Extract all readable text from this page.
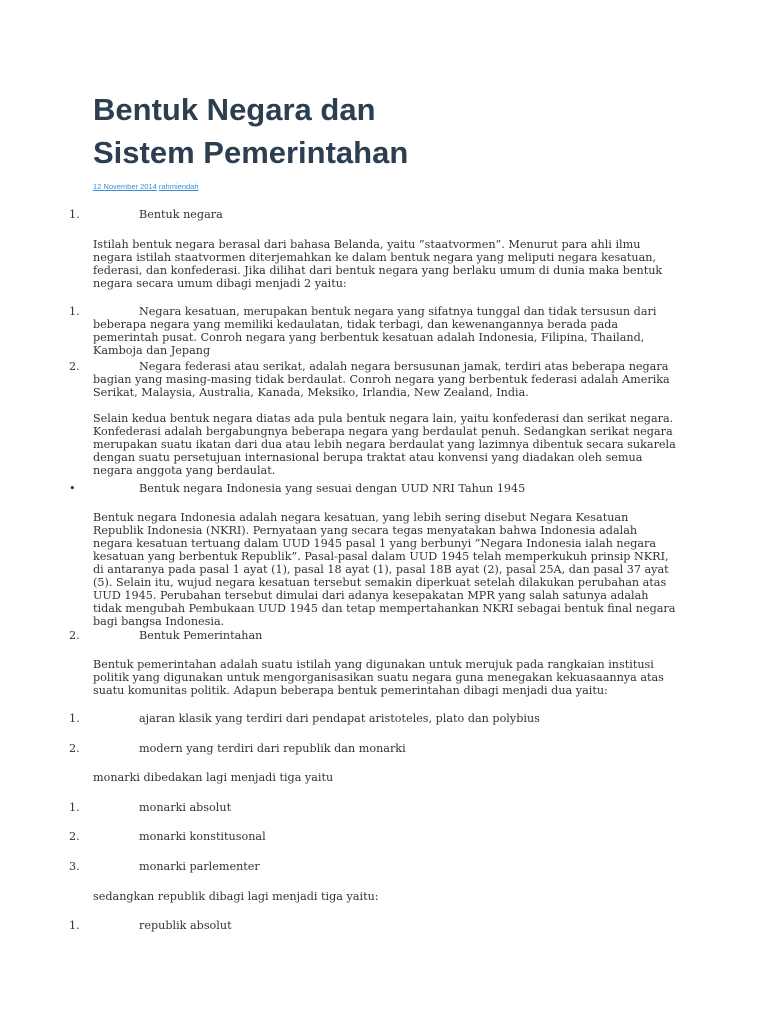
Bentuk Negara dan
Sistem Pemerintahan
12 November 2014 rahmiendah
1.	Bentuk negara

Istilah bentuk negara berasal dari bahasa Belanda, yaitu ”staatvormen”. Menurut para ahli ilmu negara istilah staatvormen diterjemahkan ke dalam bentuk negara yang meliputi negara kesatuan, federasi, dan konfederasi. Jika dilihat dari bentuk negara yang berlaku umum di dunia maka bentuk negara secara umum dibagi menjadi 2 yaitu:

1.	Negara kesatuan, merupakan bentuk negara yang sifatnya tunggal dan tidak tersusun dari beberapa negara yang memiliki kedaulatan, tidak terbagi, dan kewenangannya berada pada pemerintah pusat. Conroh negara yang berbentuk kesatuan adalah Indonesia, Filipina, Thailand, Kamboja dan Jepang
2.	Negara federasi atau serikat, adalah negara bersusunan jamak, terdiri atas beberapa negara bagian yang masing-masing tidak berdaulat. Conroh negara yang berbentuk federasi adalah Amerika Serikat, Malaysia, Australia, Kanada, Meksiko, Irlandia, New Zealand, India.

Selain kedua bentuk negara diatas ada pula bentuk negara lain, yaitu konfederasi dan serikat negara. Konfederasi adalah bergabungnya beberapa negara yang berdaulat penuh. Sedangkan serikat negara merupakan suatu ikatan dari dua atau lebih negara berdaulat yang lazimnya dibentuk secara sukarela dengan suatu persetujuan internasional berupa traktat atau konvensi yang diadakan oleh semua negara anggota yang berdaulat.

•	Bentuk negara Indonesia yang sesuai dengan UUD NRI Tahun 1945

Bentuk negara Indonesia adalah negara kesatuan, yang lebih sering disebut Negara Kesatuan Republik Indonesia (NKRI). Pernyataan yang secara tegas menyatakan bahwa Indonesia adalah negara kesatuan tertuang dalam UUD 1945 pasal 1 yang berbunyi ”Negara Indonesia ialah negara kesatuan yang berbentuk Republik”. Pasal-pasal dalam UUD 1945 telah memperkukuh prinsip NKRI, di antaranya pada pasal 1 ayat (1), pasal 18 ayat (1), pasal 18B ayat (2), pasal 25A, dan pasal 37 ayat (5). Selain itu, wujud negara kesatuan tersebut semakin diperkuat setelah dilakukan perubahan atas UUD 1945. Perubahan tersebut dimulai dari adanya kesepakatan MPR yang salah satunya adalah tidak mengubah Pembukaan UUD 1945 dan tetap mempertahankan NKRI sebagai bentuk final negara bagi bangsa Indonesia.

2.	Bentuk Pemerintahan

Bentuk pemerintahan adalah suatu istilah yang digunakan untuk merujuk pada rangkaian institusi politik yang digunakan untuk mengorganisasikan suatu negara guna menegakan kekuasaannya atas suatu komunitas politik. Adapun beberapa bentuk pemerintahan dibagi menjadi dua yaitu:

1.	ajaran klasik yang terdiri dari pendapat aristoteles, plato dan polybius
2.	modern yang terdiri dari republik dan monarki

monarki dibedakan lagi menjadi tiga yaitu

1.	monarki absolut
2.	monarki konstitusonal
3.	monarki parlementer

sedangkan republik dibagi lagi menjadi tiga yaitu:

1.	republik absolut
